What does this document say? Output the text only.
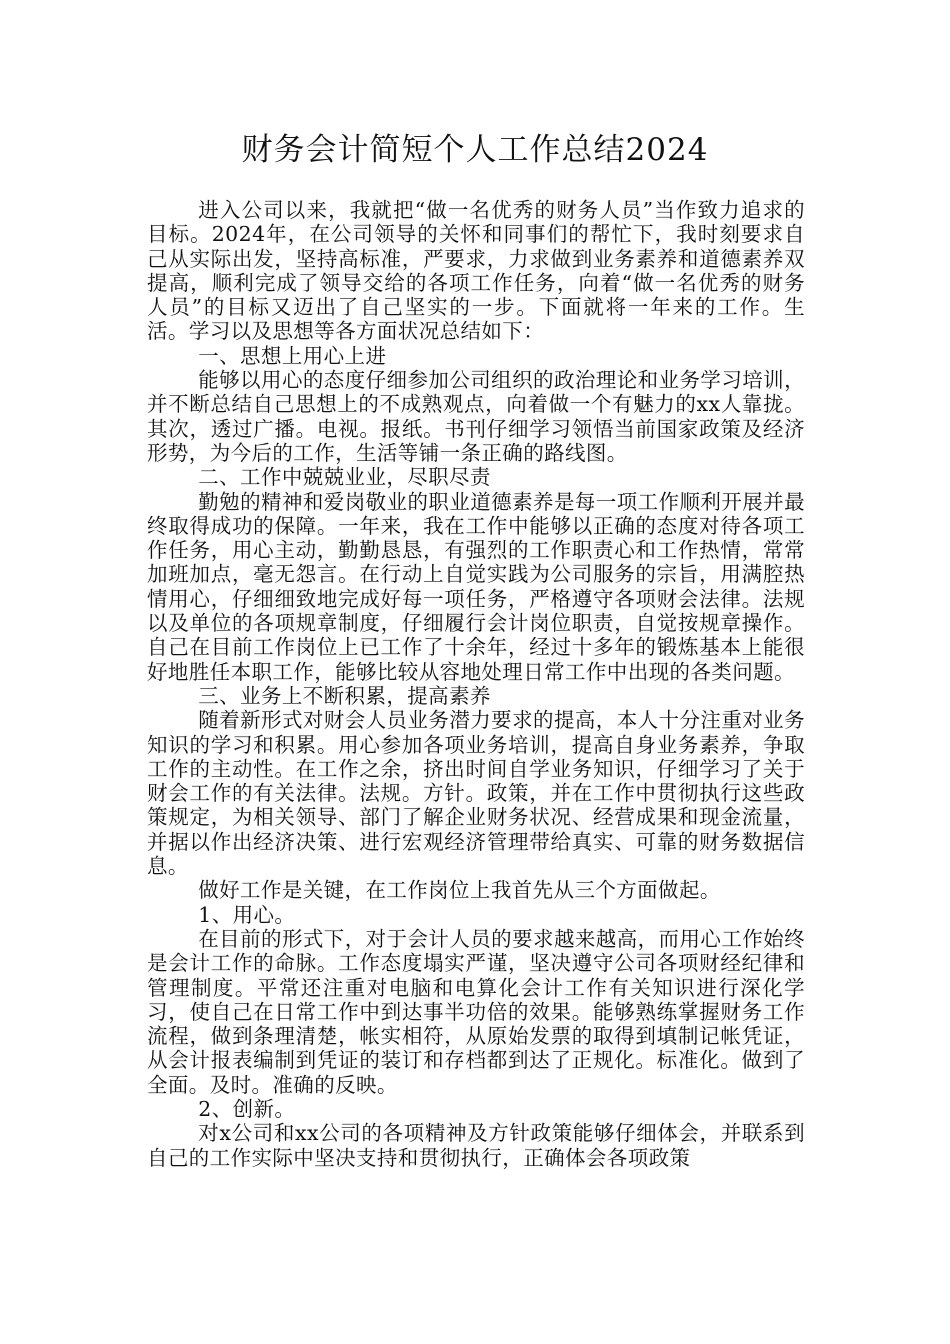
财务会计简短个人工作总结2024

进入公司以来，我就把“做一名优秀的财务人员”当作致力追求的目标。2024年，在公司领导的关怀和同事们的帮忙下，我时刻要求自己从实际出发，坚持高标准，严要求，力求做到业务素养和道德素养双提高，顺利完成了领导交给的各项工作任务，向着“做一名优秀的财务人员”的目标又迈出了自己坚实的一步。下面就将一年来的工作。生活。学习以及思想等各方面状况总结如下：

一、思想上用心上进

能够以用心的态度仔细参加公司组织的政治理论和业务学习培训，并不断总结自己思想上的不成熟观点，向着做一个有魅力的xx人靠拢。其次，透过广播。电视。报纸。书刊仔细学习领悟当前国家政策及经济形势，为今后的工作，生活等铺一条正确的路线图。

二、工作中兢兢业业，尽职尽责

勤勉的精神和爱岗敬业的职业道德素养是每一项工作顺利开展并最终取得成功的保障。一年来，我在工作中能够以正确的态度对待各项工作任务，用心主动，勤勤恳恳，有强烈的工作职责心和工作热情，常常加班加点，毫无怨言。在行动上自觉实践为公司服务的宗旨，用满腔热情用心，仔细细致地完成好每一项任务，严格遵守各项财会法律。法规以及单位的各项规章制度，仔细履行会计岗位职责，自觉按规章操作。自己在目前工作岗位上已工作了十余年，经过十多年的锻炼基本上能很好地胜任本职工作，能够比较从容地处理日常工作中出现的各类问题。

三、业务上不断积累，提高素养

随着新形式对财会人员业务潜力要求的提高，本人十分注重对业务知识的学习和积累。用心参加各项业务培训，提高自身业务素养，争取工作的主动性。在工作之余，挤出时间自学业务知识，仔细学习了关于财会工作的有关法律。法规。方针。政策，并在工作中贯彻执行这些政策规定，为相关领导、部门了解企业财务状况、经营成果和现金流量，并据以作出经济决策、进行宏观经济管理带给真实、可靠的财务数据信息。

做好工作是关键，在工作岗位上我首先从三个方面做起。

1、用心。

在目前的形式下，对于会计人员的要求越来越高，而用心工作始终是会计工作的命脉。工作态度塌实严谨，坚决遵守公司各项财经纪律和管理制度。平常还注重对电脑和电算化会计工作有关知识进行深化学习，使自己在日常工作中到达事半功倍的效果。能够熟练掌握财务工作流程，做到条理清楚，帐实相符，从原始发票的取得到填制记帐凭证，从会计报表编制到凭证的装订和存档都到达了正规化。标准化。做到了全面。及时。准确的反映。

2、创新。

对x公司和xx公司的各项精神及方针政策能够仔细体会，并联系到自己的工作实际中坚决支持和贯彻执行，正确体会各项政策
